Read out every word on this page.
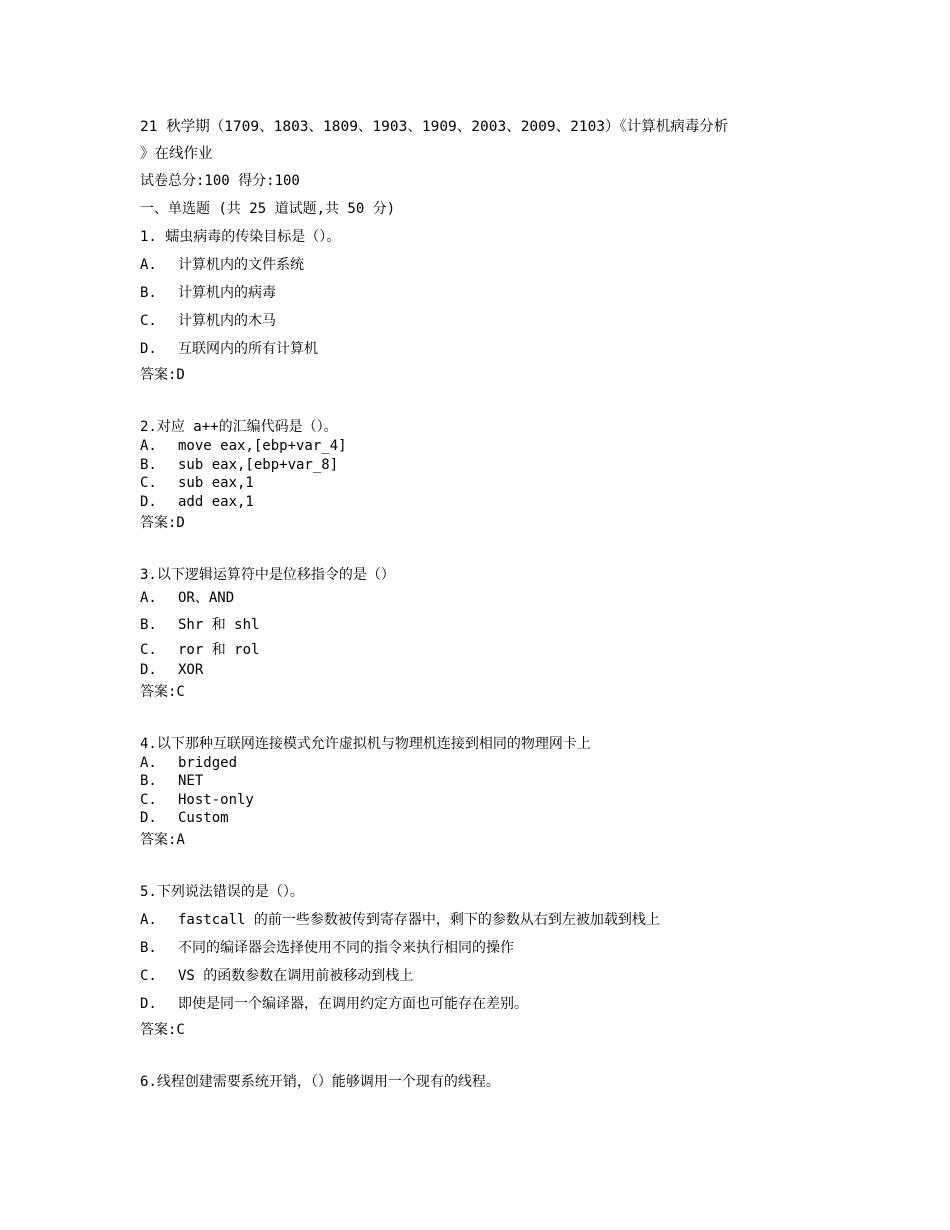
21 秋学期（1709、1803、1809、1903、1909、2003、2009、2103）《计算机病毒分析
》在线作业
试卷总分:100 得分:100
一、单选题 (共 25 道试题,共 50 分)
1. 蠕虫病毒的传染目标是（）。
A.	计算机内的文件系统
B.	计算机内的病毒
C.	计算机内的木马
D.	互联网内的所有计算机
答案:D
2.对应 a++的汇编代码是（）。
A.	move eax,[ebp+var_4]
B.	sub eax,[ebp+var_8]
C.	sub eax,1
D.	add eax,1
答案:D
3.以下逻辑运算符中是位移指令的是（）
A.	OR、AND
B.	Shr 和 shl
C.	ror 和 rol
D.	XOR
答案:C
4.以下那种互联网连接模式允许虚拟机与物理机连接到相同的物理网卡上
A.	bridged
B.	NET
C.	Host-only
D.	Custom
答案:A
5.下列说法错误的是（）。
A.	fastcall 的前一些参数被传到寄存器中，剩下的参数从右到左被加载到栈上
B.	不同的编译器会选择使用不同的指令来执行相同的操作
C.	VS 的函数参数在调用前被移动到栈上
D.	即使是同一个编译器，在调用约定方面也可能存在差别。
答案:C
6.线程创建需要系统开销，（）能够调用一个现有的线程。
